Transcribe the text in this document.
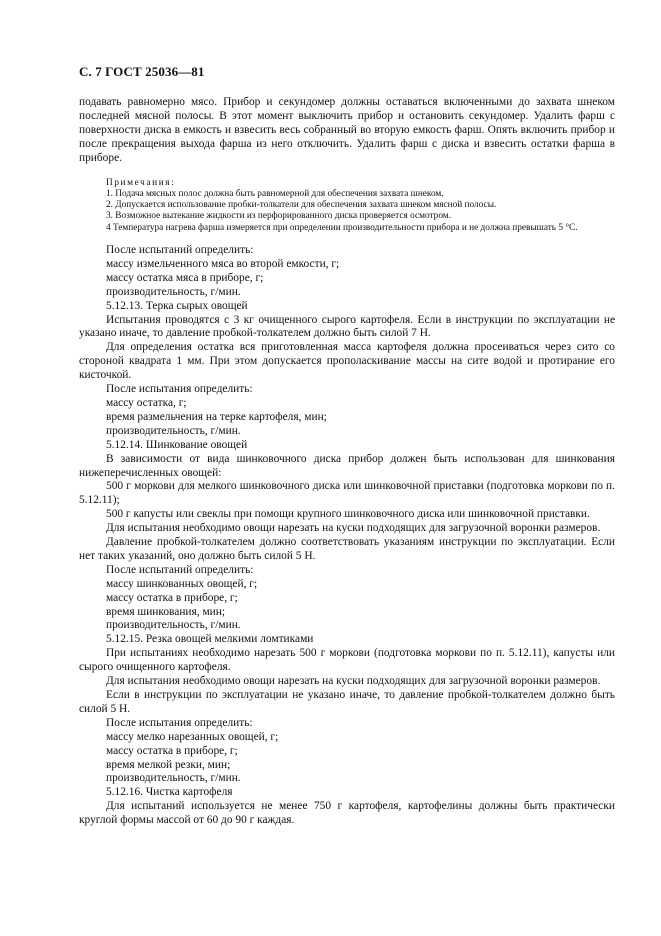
С. 7 ГОСТ 25036—81

подавать равномерно мясо. Прибор и секундомер должны оставаться включенными до захвата шнеком последней мясной полосы. В этот момент выключить прибор и остановить секундомер. Удалить фарш с поверхности диска в емкость и взвесить весь собранный во вторую емкость фарш. Опять включить прибор и после прекращения выхода фарша из него отключить. Удалить фарш с диска и взвесить остатки фарша в приборе.

Примечания:

1. Подача мясных полос должна быть равномерной для обеспечения захвата шнеком.

2. Допускается использование пробки-толкатели для обеспечения захвата шнеком мясной полосы.

3. Возможное вытекание жидкости из перфорированного диска проверяется осмотром.

4 Температура нагрева фарша измеряется при определении производительности прибора и не должна превышать 5 °С.

После испытаний определить:

массу измельченного мяса во второй емкости, г;

массу остатка мяса в приборе, г;

производительность, г/мин.

5.12.13. Терка сырых овощей

Испытания проводятся с 3 кг очищенного сырого картофеля. Если в инструкции по эксплуатации не указано иначе, то давление пробкой-толкателем должно быть силой 7 Н.

Для определения остатка вся приготовленная масса картофеля должна просеиваться через сито со стороной квадрата 1 мм. При этом допускается прополаскивание массы на сите водой и протирание его кисточкой.

После испытания определить:

массу остатка, г;

время размельчения на терке картофеля, мин;

производительность, г/мин.

5.12.14. Шинкование овощей

В зависимости от вида шинковочного диска прибор должен быть использован для шинкования нижеперечисленных овощей:

500 г моркови для мелкого шинковочного диска или шинковочной приставки (подготовка моркови по п. 5.12.11);

500 г капусты или свеклы при помощи крупного шинковочного диска или шинковочной приставки.

Для испытания необходимо овощи нарезать на куски подходящих для загрузочной воронки размеров.

Давление пробкой-толкателем должно соответствовать указаниям инструкции по эксплуатации. Если нет таких указаний, оно должно быть силой 5 Н.

После испытаний определить:

массу шинкованных овощей, г;

массу остатка в приборе, г;

время шинкования, мин;

производительность, г/мин.

5.12.15. Резка овощей мелкими ломтиками

При испытаниях необходимо нарезать 500 г моркови (подготовка моркови по п. 5.12.11), капусты или сырого очищенного картофеля.

Для испытания необходимо овощи нарезать на куски подходящих для загрузочной воронки размеров.

Если в инструкции по эксплуатации не указано иначе, то давление пробкой-толкателем должно быть силой 5 Н.

После испытания определить:

массу мелко нарезанных овощей, г;

массу остатка в приборе, г;

время мелкой резки, мин;

производительность, г/мин.

5.12.16. Чистка картофеля

Для испытаний используется не менее 750 г картофеля, картофелины должны быть практически круглой формы массой от 60 до 90 г каждая.
